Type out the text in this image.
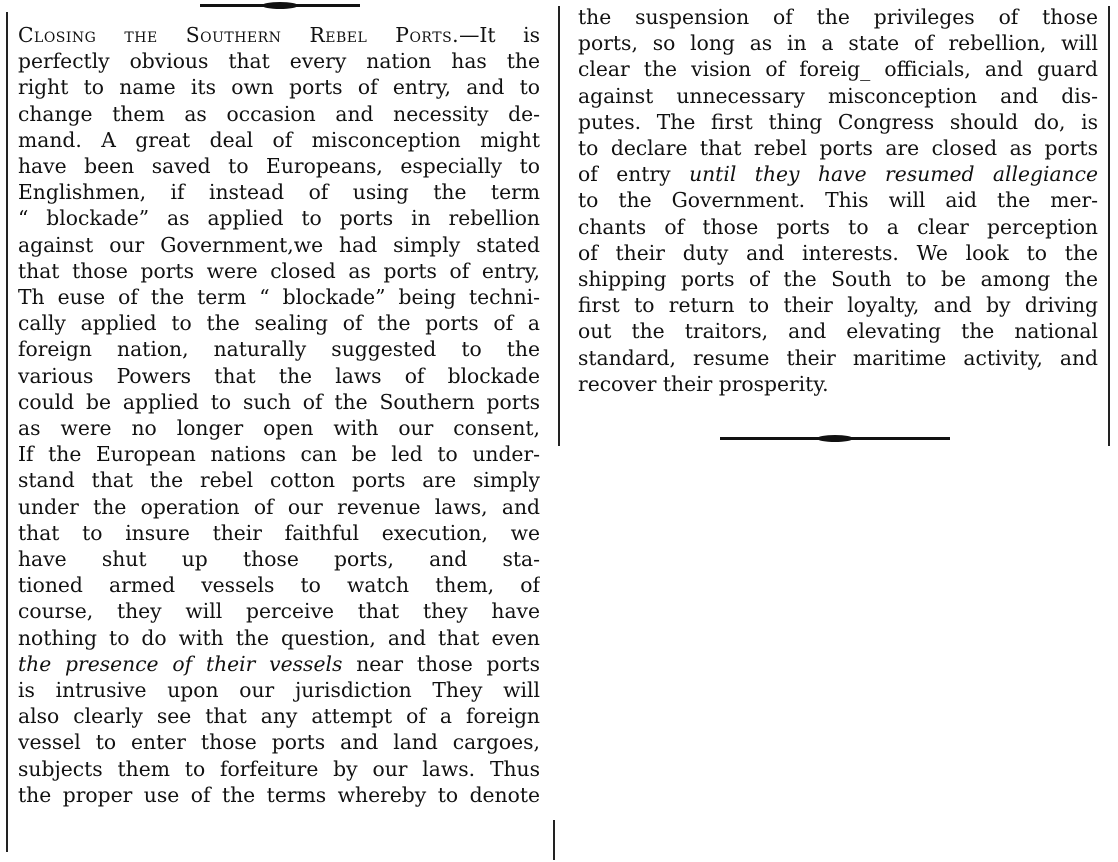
Closing the Southern Rebel Ports.—It is
perfectly obvious that every nation has the
right to name its own ports of entry, and to
change them as occasion and necessity de-
mand. A great deal of misconception might
have been saved to Europeans, especially to
Englishmen, if instead of using the term
“ blockade” as applied to ports in rebellion
against our Government,we had simply stated
that those ports were closed as ports of entry,
Th euse of the term “ blockade” being techni-
cally applied to the sealing of the ports of a
foreign nation, naturally suggested to the
various Powers that the laws of blockade
could be applied to such of the Southern ports
as were no longer open with our consent,
If the European nations can be led to under-
stand that the rebel cotton ports are simply
under the operation of our revenue laws, and
that to insure their faithful execution, we
have shut up those ports, and sta-
tioned armed vessels to watch them, of
course, they will perceive that they have
nothing to do with the question, and that even
the presence of their vessels near those ports
is intrusive upon our jurisdiction They will
also clearly see that any attempt of a foreign
vessel to enter those ports and land cargoes,
subjects them to forfeiture by our laws. Thus
the proper use of the terms whereby to denote
the suspension of the privileges of those
ports, so long as in a state of rebellion, will
clear the vision of foreig_ officials, and guard
against unnecessary misconception and dis-
putes. The first thing Congress should do, is
to declare that rebel ports are closed as ports
of entry until they have resumed allegiance
to the Government. This will aid the mer-
chants of those ports to a clear perception
of their duty and interests. We look to the
shipping ports of the South to be among the
first to return to their loyalty, and by driving
out the traitors, and elevating the national
standard, resume their maritime activity, and
recover their prosperity.
